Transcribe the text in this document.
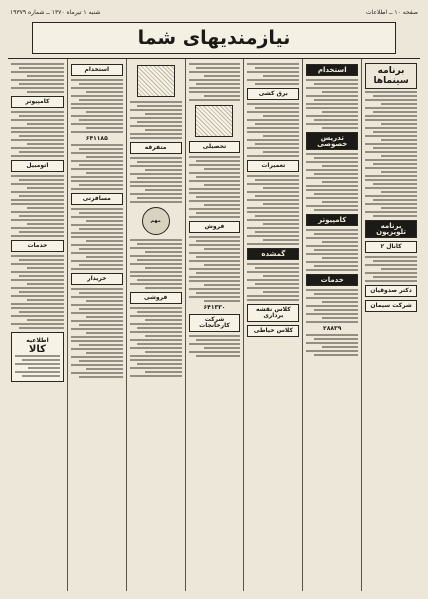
صفحه ۱۰ ــ اطلاعات
شنبه ۱ تیرماه ۱۳۷۰ ــ شماره ۱۹۳۷۹
نیازمندیهای شما
کامپیوتر
اتومبیل
خدمات
اطلاعیه
کالا
استخدام
۶۴۱۱۸۵
مسافرتی
خریدار
متفرقه
مهم
فروشی
تحصیلی
فروش
۶۴۱۳۳۰
شرکت کارخانجات
برق کشی
تعمیرات
گمشده
کلاس نقشه برداری
کلاس خیاطی
استخدام
تدریس خصوصی
کامپیوتر
خدمات
۲۸۸۳۹
برنامه سینماها
برنامه تلویزیون
کانال ۲
دکتر صدوقیان
شرکت سیمان
